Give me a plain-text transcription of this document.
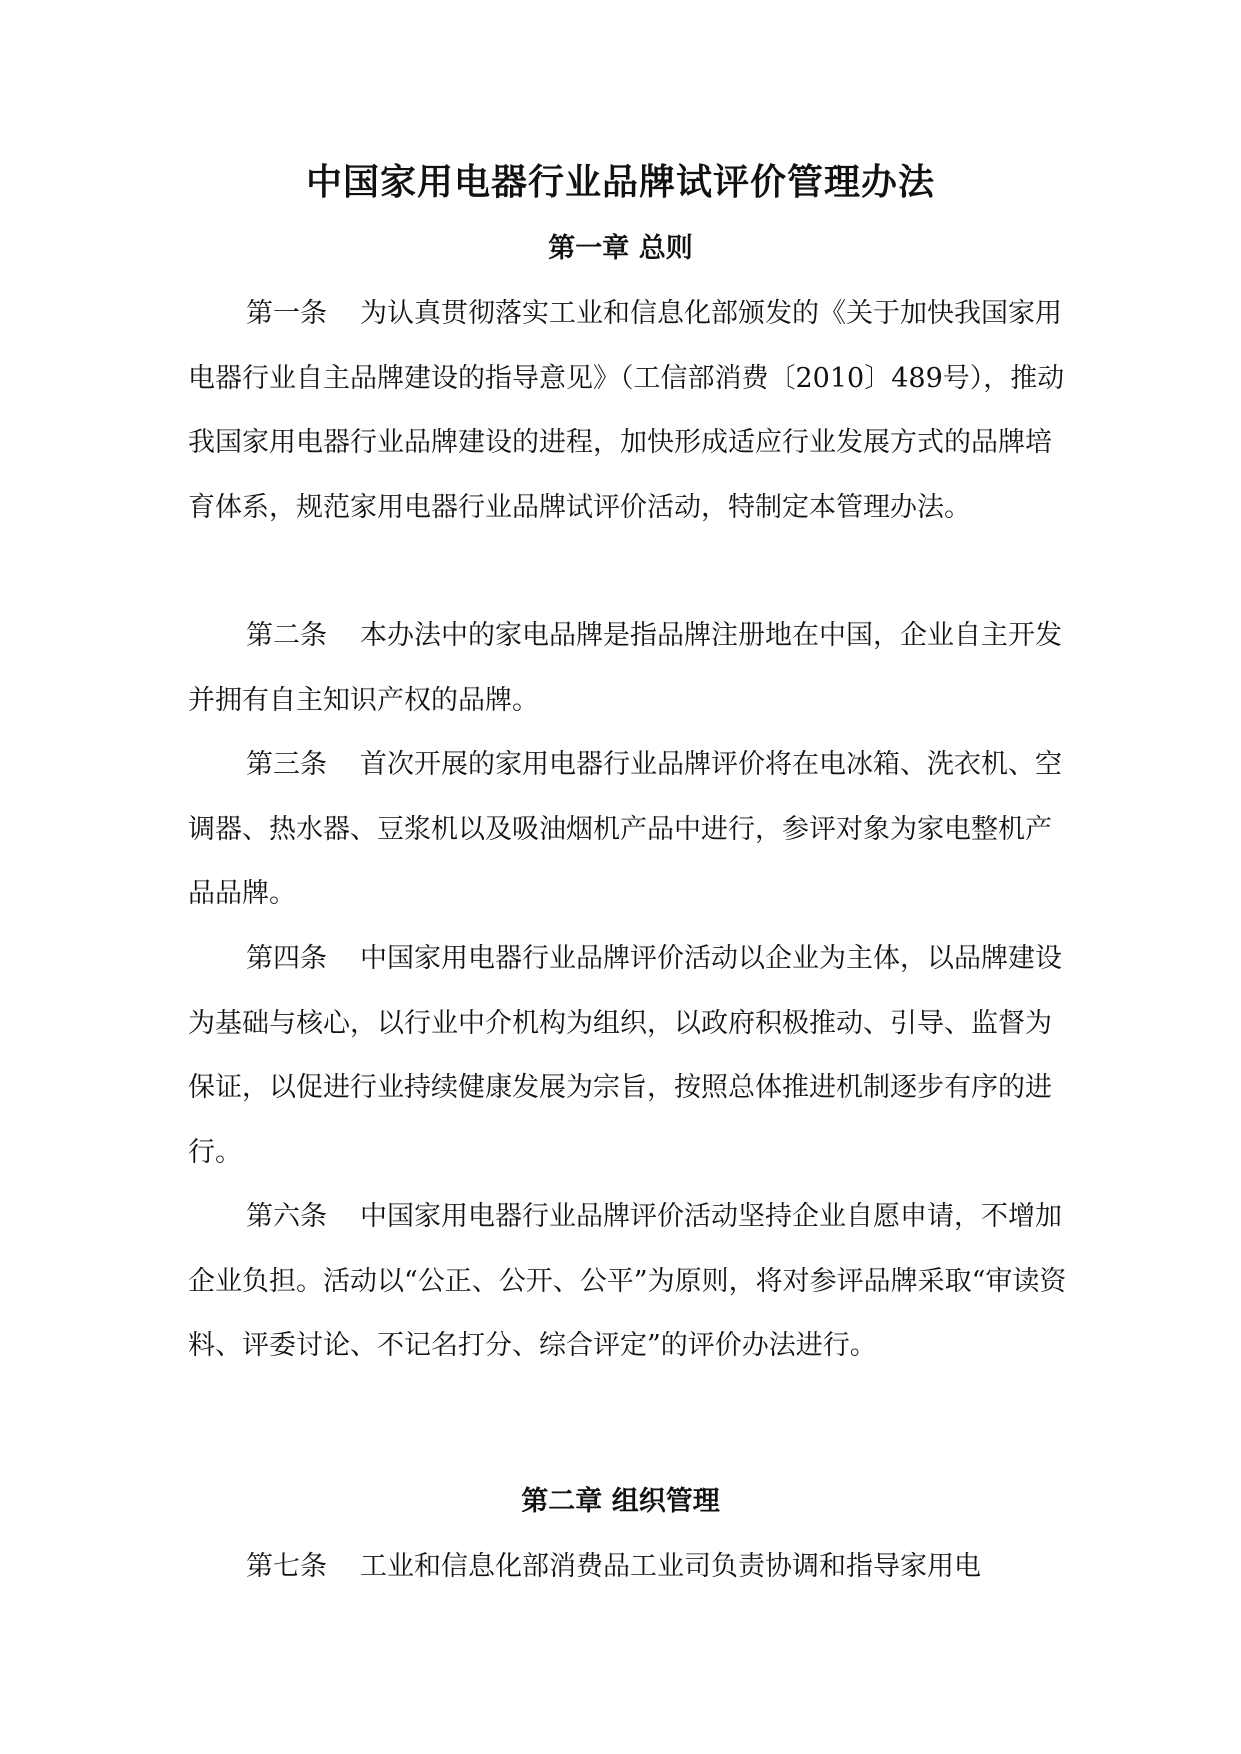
中国家用电器行业品牌试评价管理办法
第一章 总则

第一条 为认真贯彻落实工业和信息化部颁发的《关于加快我国家用电器行业自主品牌建设的指导意见》（工信部消费〔2010〕489号），推动我国家用电器行业品牌建设的进程，加快形成适应行业发展方式的品牌培育体系，规范家用电器行业品牌试评价活动，特制定本管理办法。

第二条 本办法中的家电品牌是指品牌注册地在中国，企业自主开发并拥有自主知识产权的品牌。

第三条 首次开展的家用电器行业品牌评价将在电冰箱、洗衣机、空调器、热水器、豆浆机以及吸油烟机产品中进行，参评对象为家电整机产品品牌。

第四条 中国家用电器行业品牌评价活动以企业为主体，以品牌建设为基础与核心，以行业中介机构为组织，以政府积极推动、引导、监督为保证，以促进行业持续健康发展为宗旨，按照总体推进机制逐步有序的进行。

第六条 中国家用电器行业品牌评价活动坚持企业自愿申请，不增加企业负担。活动以“公正、公开、公平”为原则，将对参评品牌采取“审读资料、评委讨论、不记名打分、综合评定”的评价办法进行。

第二章 组织管理

第七条 工业和信息化部消费品工业司负责协调和指导家用电
